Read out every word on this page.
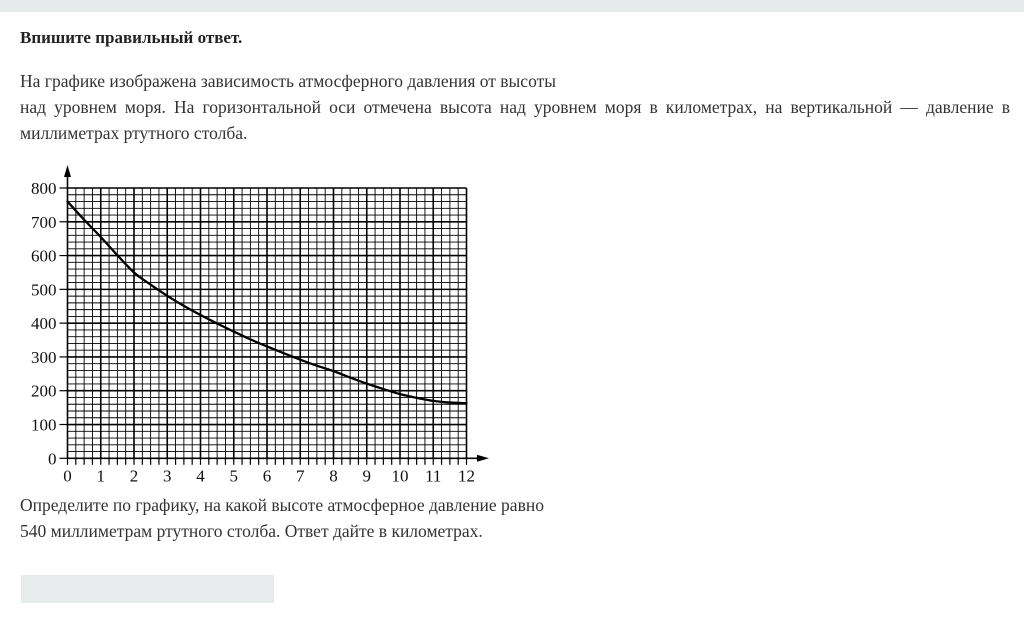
Впишите правильный ответ.
На графике изображена зависимость атмосферного давления от высоты
над уровнем моря. На горизонтальной оси отмечена высота над уровнем моря в километрах, на вертикальной — давление в
миллиметрах ртутного столба.
0
100
200
300
400
500
600
700
800
0 1 2 3 4 5 6 7 8 9 10 11 12
Определите по графику, на какой высоте атмосферное давление равно
540 миллиметрам ртутного столба. Ответ дайте в километрах.
